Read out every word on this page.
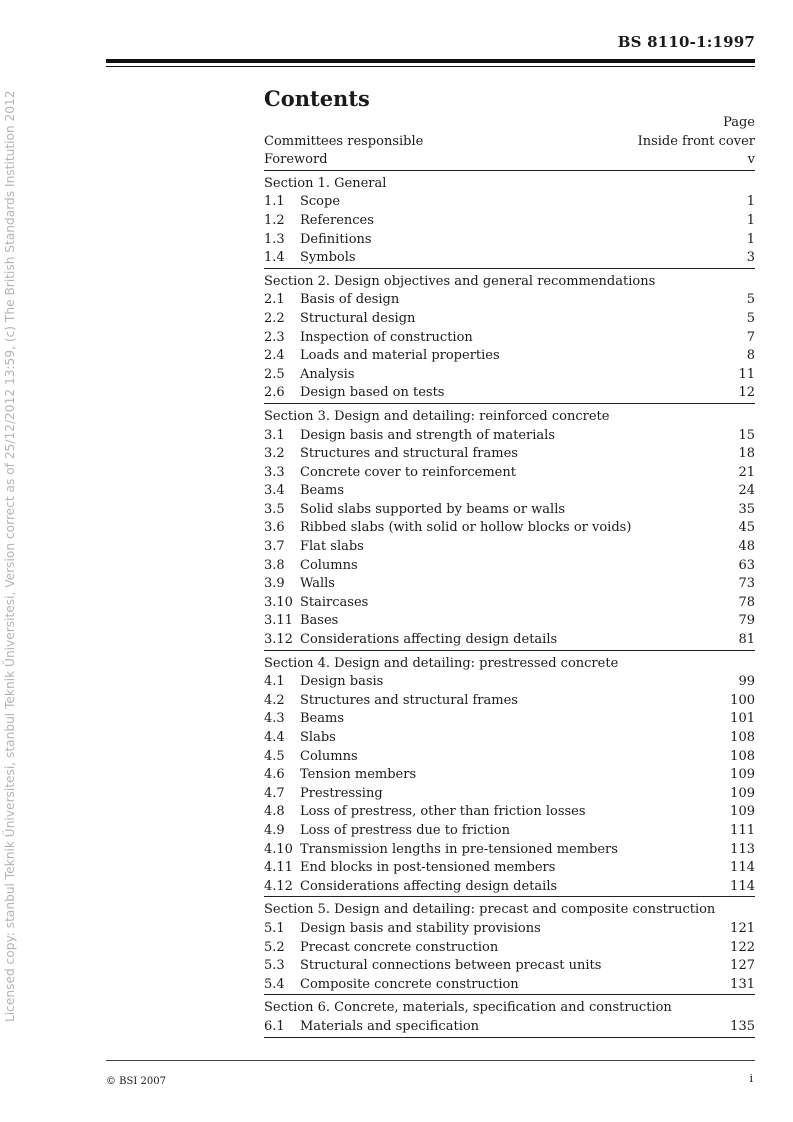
BS 8110-1:1997
Licensed copy: stanbul Teknik Üniversitesi, stanbul Teknik Üniversitesi, Version correct as of 25/12/2012 13:59, (c) The British Standards Institution 2012	Contents
Page
Committees responsible	Inside front cover
Foreword	v
Section 1. General
1.1 Scope	1
1.2 References	1
1.3 Definitions	1
1.4 Symbols	3
Section 2. Design objectives and general recommendations
2.1 Basis of design	5
2.2 Structural design	5
2.3 Inspection of construction	7
2.4 Loads and material properties	8
2.5 Analysis	11
2.6 Design based on tests	12
Section 3. Design and detailing: reinforced concrete
3.1 Design basis and strength of materials	15
3.2 Structures and structural frames	18
3.3 Concrete cover to reinforcement	21
3.4 Beams	24
3.5 Solid slabs supported by beams or walls	35
3.6 Ribbed slabs (with solid or hollow blocks or voids)	45
3.7 Flat slabs	48
3.8 Columns	63
3.9 Walls	73
3.10 Staircases	78
3.11 Bases	79
3.12 Considerations affecting design details	81
Section 4. Design and detailing: prestressed concrete
4.1 Design basis	99
4.2 Structures and structural frames	100
4.3 Beams	101
4.4 Slabs	108
4.5 Columns	108
4.6 Tension members	109
4.7 Prestressing	109
4.8 Loss of prestress, other than friction losses	109
4.9 Loss of prestress due to friction	111
4.10 Transmission lengths in pre-tensioned members	113
4.11 End blocks in post-tensioned members	114
4.12 Considerations affecting design details	114
Section 5. Design and detailing: precast and composite construction
5.1 Design basis and stability provisions	121
5.2 Precast concrete construction	122
5.3 Structural connections between precast units	127
5.4 Composite concrete construction	131
Section 6. Concrete, materials, specification and construction
6.1 Materials and specification	135
© BSI 2007	i
